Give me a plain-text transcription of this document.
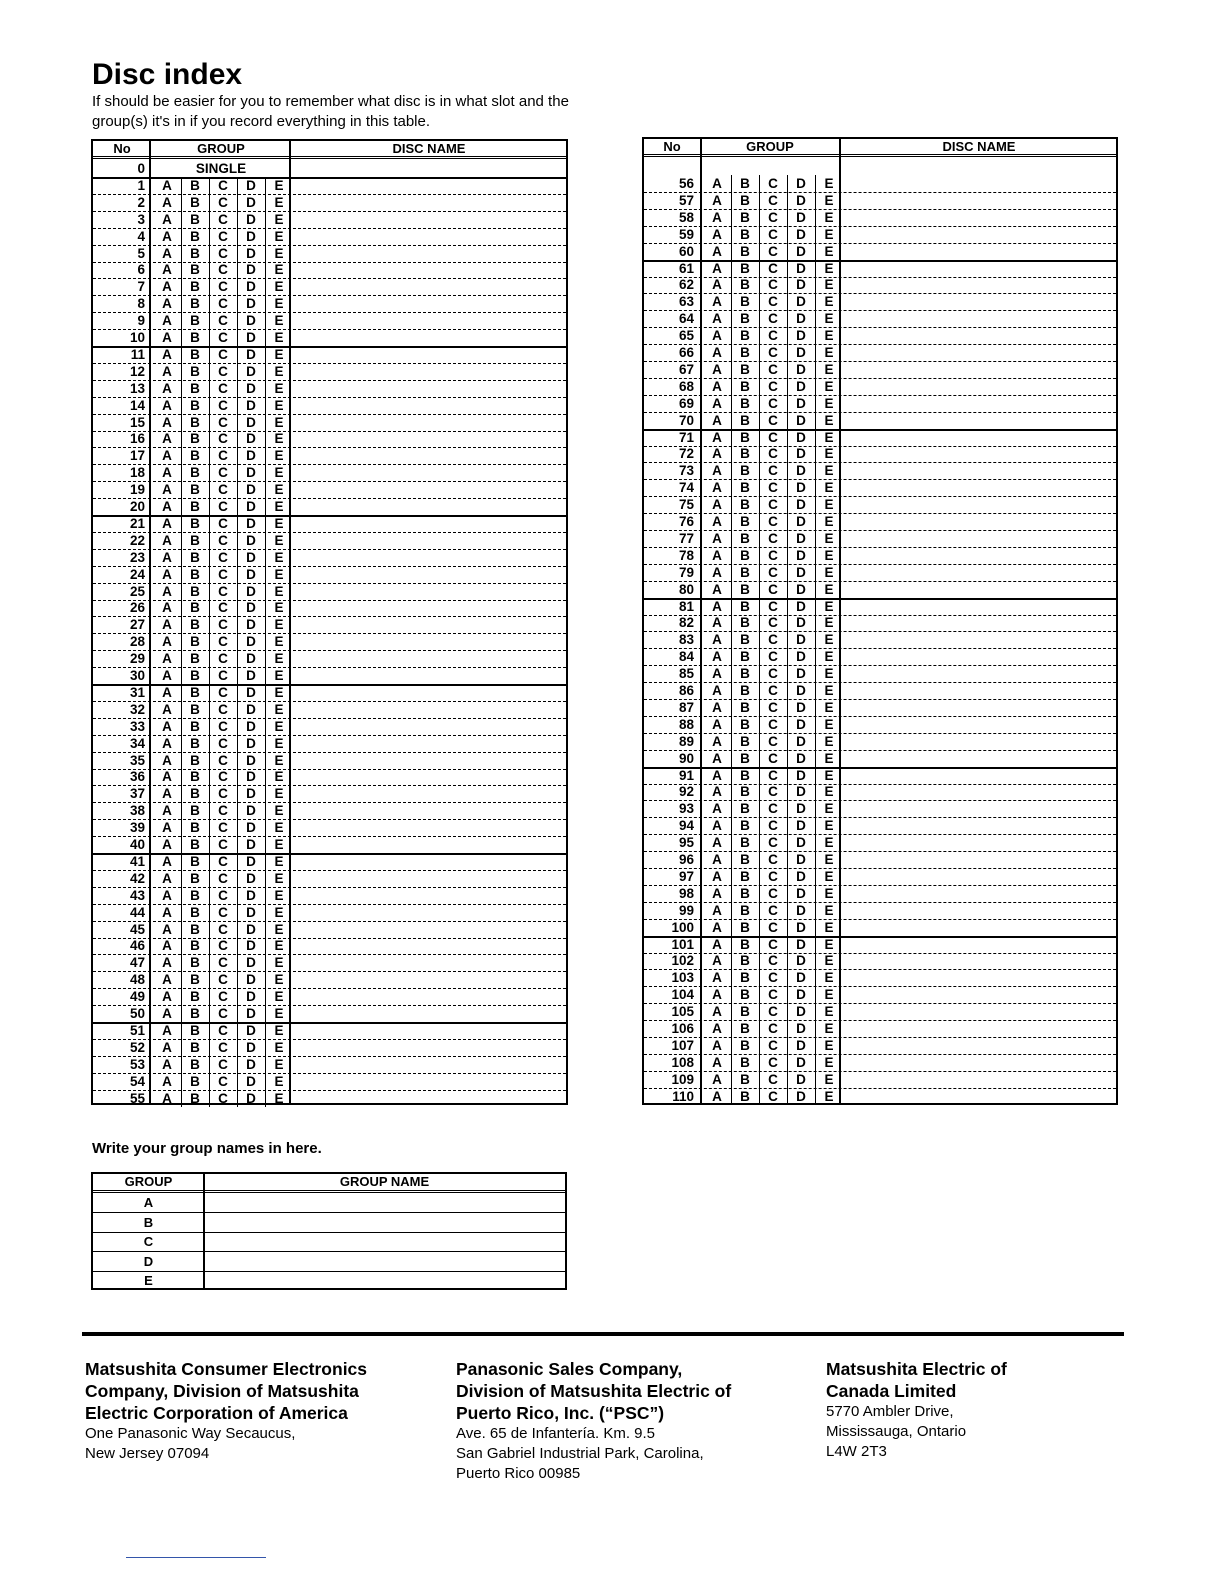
Disc index

If should be easier for you to remember what disc is in what slot and the group(s) it's in if you record everything in this table.

No	GROUP	DISC NAME
0	SINGLE
1	A	B	C	D	E
2	A	B	C	D	E
3	A	B	C	D	E
4	A	B	C	D	E
5	A	B	C	D	E
6	A	B	C	D	E
7	A	B	C	D	E
8	A	B	C	D	E
9	A	B	C	D	E
10	A	B	C	D	E
11	A	B	C	D	E
12	A	B	C	D	E
13	A	B	C	D	E
14	A	B	C	D	E
15	A	B	C	D	E
16	A	B	C	D	E
17	A	B	C	D	E
18	A	B	C	D	E
19	A	B	C	D	E
20	A	B	C	D	E
21	A	B	C	D	E
22	A	B	C	D	E
23	A	B	C	D	E
24	A	B	C	D	E
25	A	B	C	D	E
26	A	B	C	D	E
27	A	B	C	D	E
28	A	B	C	D	E
29	A	B	C	D	E
30	A	B	C	D	E
31	A	B	C	D	E
32	A	B	C	D	E
33	A	B	C	D	E
34	A	B	C	D	E
35	A	B	C	D	E
36	A	B	C	D	E
37	A	B	C	D	E
38	A	B	C	D	E
39	A	B	C	D	E
40	A	B	C	D	E
41	A	B	C	D	E
42	A	B	C	D	E
43	A	B	C	D	E
44	A	B	C	D	E
45	A	B	C	D	E
46	A	B	C	D	E
47	A	B	C	D	E
48	A	B	C	D	E
49	A	B	C	D	E
50	A	B	C	D	E
51	A	B	C	D	E
52	A	B	C	D	E
53	A	B	C	D	E
54	A	B	C	D	E
55	A	B	C	D	E
No	GROUP	DISC NAME
56	A	B	C	D	E
57	A	B	C	D	E
58	A	B	C	D	E
59	A	B	C	D	E
60	A	B	C	D	E
61	A	B	C	D	E
62	A	B	C	D	E
63	A	B	C	D	E
64	A	B	C	D	E
65	A	B	C	D	E
66	A	B	C	D	E
67	A	B	C	D	E
68	A	B	C	D	E
69	A	B	C	D	E
70	A	B	C	D	E
71	A	B	C	D	E
72	A	B	C	D	E
73	A	B	C	D	E
74	A	B	C	D	E
75	A	B	C	D	E
76	A	B	C	D	E
77	A	B	C	D	E
78	A	B	C	D	E
79	A	B	C	D	E
80	A	B	C	D	E
81	A	B	C	D	E
82	A	B	C	D	E
83	A	B	C	D	E
84	A	B	C	D	E
85	A	B	C	D	E
86	A	B	C	D	E
87	A	B	C	D	E
88	A	B	C	D	E
89	A	B	C	D	E
90	A	B	C	D	E
91	A	B	C	D	E
92	A	B	C	D	E
93	A	B	C	D	E
94	A	B	C	D	E
95	A	B	C	D	E
96	A	B	C	D	E
97	A	B	C	D	E
98	A	B	C	D	E
99	A	B	C	D	E
100	A	B	C	D	E
101	A	B	C	D	E
102	A	B	C	D	E
103	A	B	C	D	E
104	A	B	C	D	E
105	A	B	C	D	E
106	A	B	C	D	E
107	A	B	C	D	E
108	A	B	C	D	E
109	A	B	C	D	E
110	A	B	C	D	E

Write your group names in here.

GROUP	GROUP NAME
A
B
C
D
E
Matsushita Consumer Electronics
Company, Division of Matsushita
Electric Corporation of America
One Panasonic Way Secaucus,
New Jersey 07094
Panasonic Sales Company,
Division of Matsushita Electric of
Puerto Rico, Inc. (“PSC”)
Ave. 65 de Infantería. Km. 9.5
San Gabriel Industrial Park, Carolina,
Puerto Rico 00985
Matsushita Electric of
Canada Limited
5770 Ambler Drive,
Mississauga, Ontario
L4W 2T3
